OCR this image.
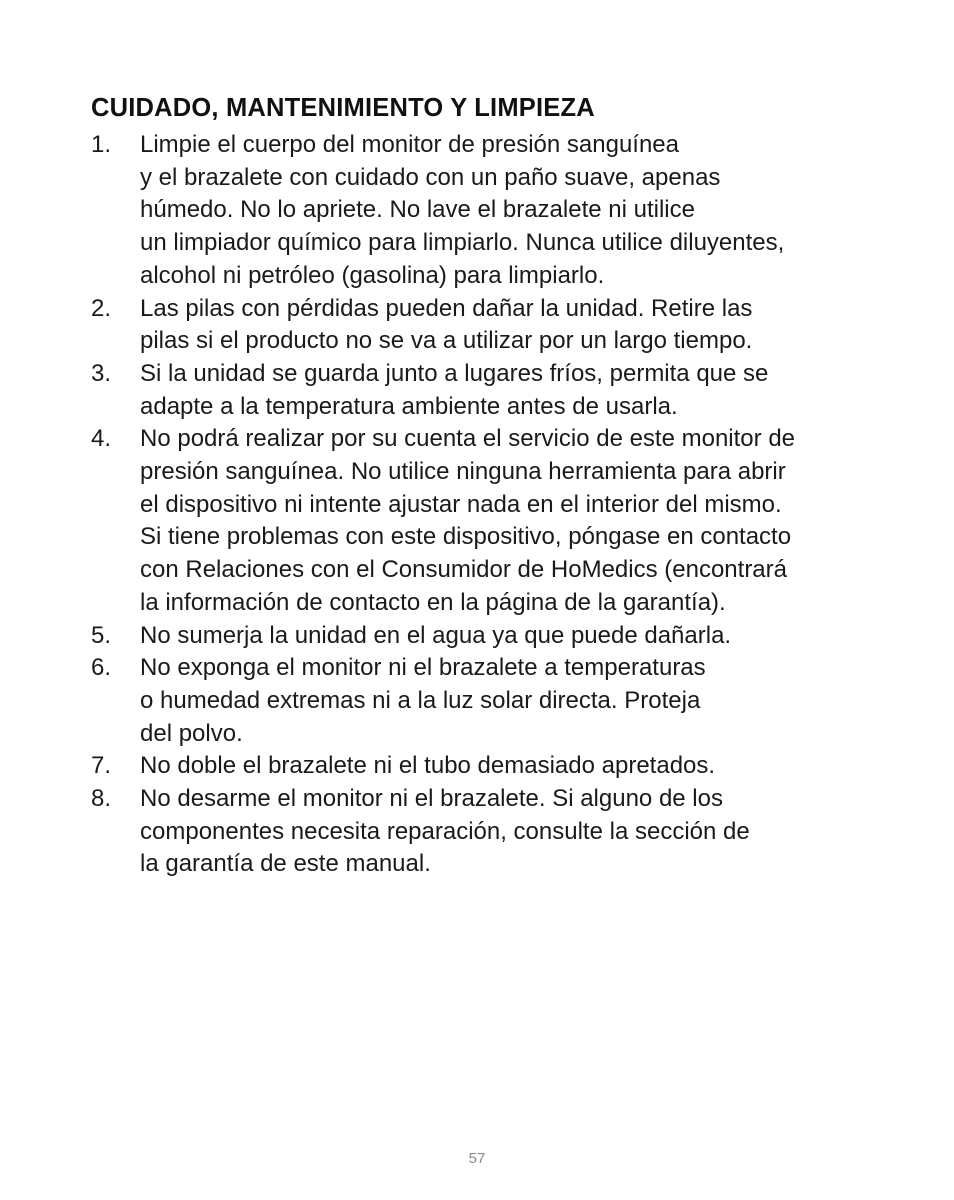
CUIDADO, MANTENIMIENTO Y LIMPIEZA
1.	Limpie el cuerpo del monitor de presión sanguínea
y el brazalete con cuidado con un paño suave, apenas
húmedo. No lo apriete. No lave el brazalete ni utilice
un limpiador químico para limpiarlo. Nunca utilice diluyentes,
alcohol ni petróleo (gasolina) para limpiarlo.
2.	Las pilas con pérdidas pueden dañar la unidad. Retire las
pilas si el producto no se va a utilizar por un largo tiempo.
3.	Si la unidad se guarda junto a lugares fríos, permita que se
adapte a la temperatura ambiente antes de usarla.
4.	No podrá realizar por su cuenta el servicio de este monitor de
presión sanguínea. No utilice ninguna herramienta para abrir
el dispositivo ni intente ajustar nada en el interior del mismo.
Si tiene problemas con este dispositivo, póngase en contacto
con Relaciones con el Consumidor de HoMedics (encontrará
la información de contacto en la página de la garantía).
5.	No sumerja la unidad en el agua ya que puede dañarla.
6.	No exponga el monitor ni el brazalete a temperaturas
o humedad extremas ni a la luz solar directa. Proteja
del polvo.
7.	No doble el brazalete ni el tubo demasiado apretados.
8.	No desarme el monitor ni el brazalete. Si alguno de los
componentes necesita reparación, consulte la sección de
la garantía de este manual.
57
